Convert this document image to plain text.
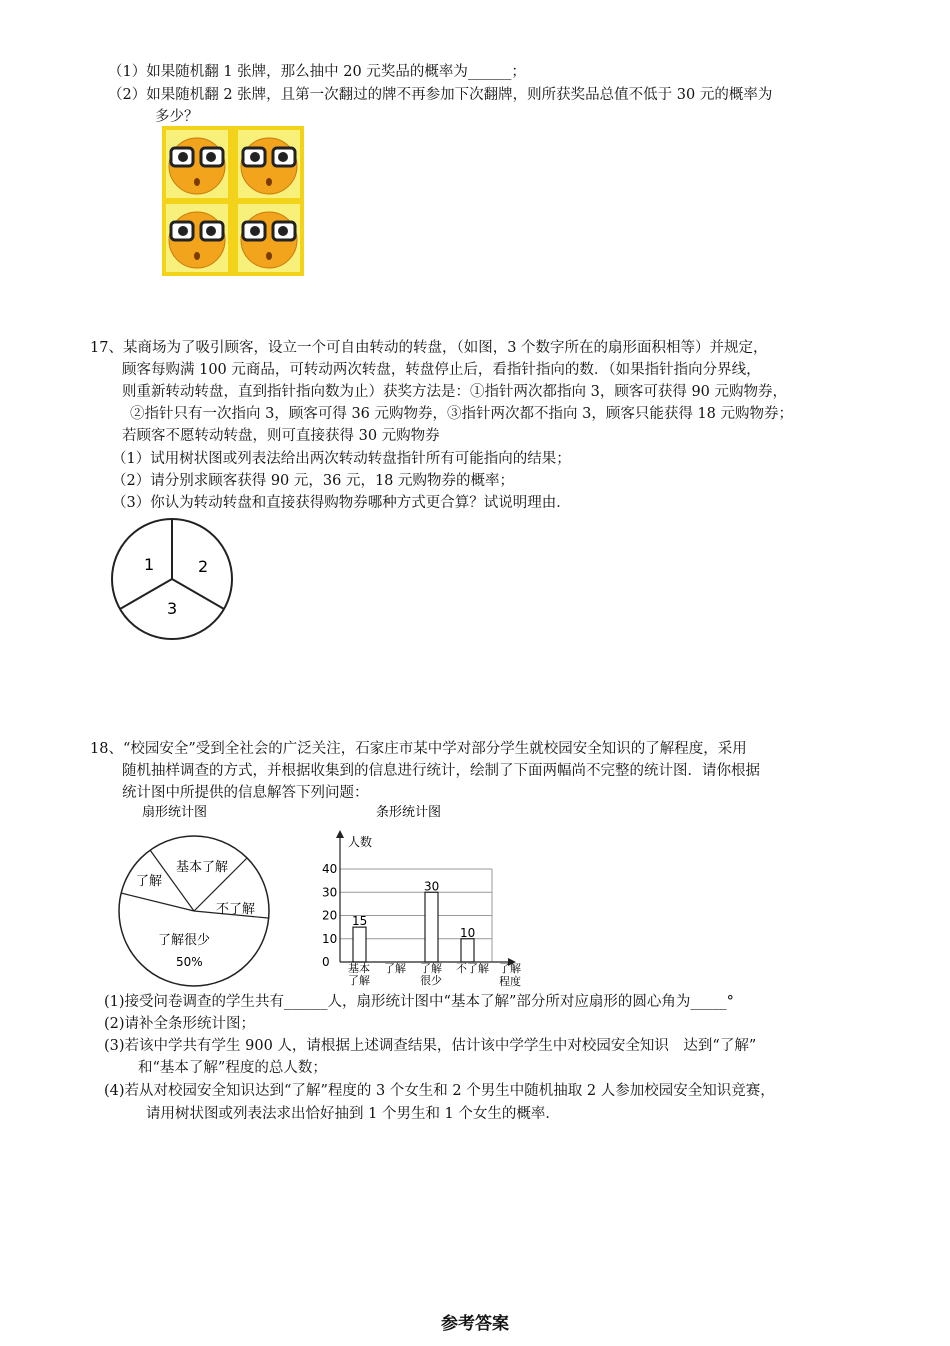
（1）如果随机翻 1 张牌，那么抽中 20 元奖品的概率为______；
（2）如果随机翻 2 张牌，且第一次翻过的牌不再参加下次翻牌，则所获奖品总值不低于 30 元的概率为
多少？
17、某商场为了吸引顾客，设立一个可自由转动的转盘，（如图，3 个数字所在的扇形面积相等）并规定，
顾客每购满 100 元商品，可转动两次转盘，转盘停止后，看指针指向的数．（如果指针指向分界线，
则重新转动转盘，直到指针指向数为止）获奖方法是：①指针两次都指向 3，顾客可获得 90 元购物券，
②指针只有一次指向 3，顾客可得 36 元购物券，③指针两次都不指向 3，顾客只能获得 18 元购物券；
若顾客不愿转动转盘，则可直接获得 30 元购物券
（1）试用树状图或列表法给出两次转动转盘指针所有可能指向的结果；
（2）请分别求顾客获得 90 元，36 元，18 元购物券的概率；
（3）你认为转动转盘和直接获得购物券哪种方式更合算？试说明理由．
1	2
3
18、“校园安全”受到全社会的广泛关注，石家庄市某中学对部分学生就校园安全知识的了解程度，采用
随机抽样调查的方式，并根据收集到的信息进行统计，绘制了下面两幅尚不完整的统计图．请你根据
统计图中所提供的信息解答下列问题：
扇形统计图
了解
基本了解
不了解
了解很少
50%
条形统计图
人数
0
10
20
30
40
15
30
10
了解
基本 了解
很少
了解 不了解 了解
程度
(1)接受问卷调查的学生共有______人，扇形统计图中“基本了解”部分所对应扇形的圆心角为_____°
(2)请补全条形统计图；
(3)若该中学共有学生 900 人，请根据上述调查结果，估计该中学学生中对校园安全知识　达到“了解”
和“基本了解”程度的总人数；
(4)若从对校园安全知识达到“了解”程度的 3 个女生和 2 个男生中随机抽取 2 人参加校园安全知识竞赛，
请用树状图或列表法求出恰好抽到 1 个男生和 1 个女生的概率．
参考答案
